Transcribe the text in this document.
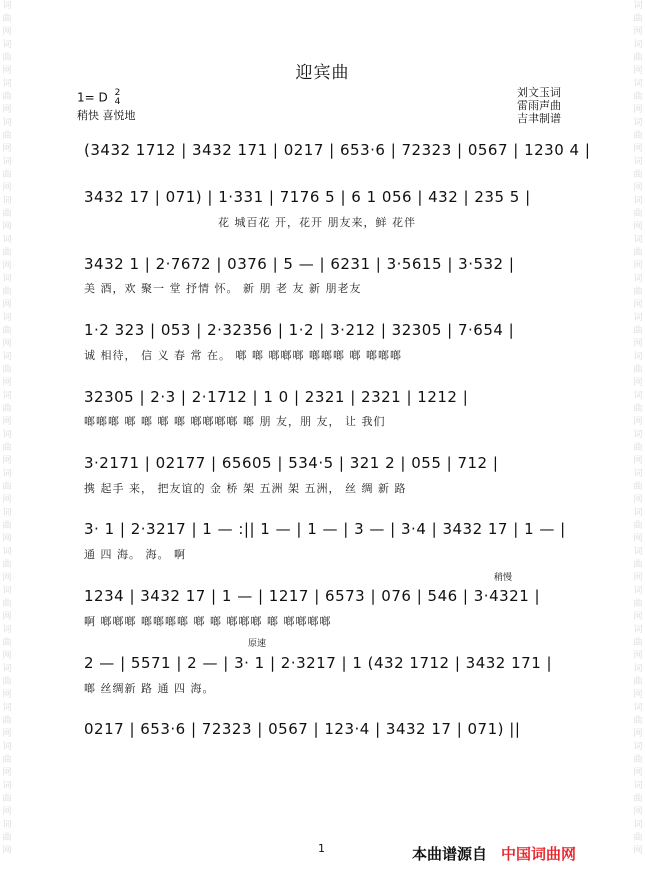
词
曲
网
词
曲
网
词
曲
网
词
曲
网
词
曲
网
词
曲
网
词
曲
网
词
曲
网
词
曲
网
词
曲
网
词
曲
网
词
曲
网
词
曲
网
词
曲
网
词
曲
网
词
曲
网
词
曲
网
词
曲
网
词
曲
网
词
曲
网
词
曲
网
词
曲
网
词
曲
网
词
曲
网
词
曲
网
词
曲
网
词
曲
网
词
曲
网
词
曲
网
词
曲
网
词
曲
网
词
曲
网
词
曲
网
词
曲
网
词
曲
网
词
曲
网
词
曲
网
词
曲
网
词
曲
网
词
曲
网
词
曲
网
词
曲
网
词
曲
网
词
曲
网
迎宾曲
1= D 2
4
稍快 喜悦地
刘文玉词
雷雨声曲
吉聿制谱
稍慢
原速
(3432 1712 | 3432 171 | 0217 | 653·6 | 72323 | 0567 | 1230 4 |
3432 17 | 071) | 1·331 | 7176 5 | 6 1 056 | 432 | 235 5 |
花 城百花 开，花开 朋友来，鲜 花伴
3432 1 | 2·7672 | 0376 | 5 — | 6231 | 3·5615 | 3·532 |
美 酒，欢 聚一 堂 抒情 怀。 新 朋 老 友 新 朋老友
1·2 323 | 053 | 2·32356 | 1·2 | 3·212 | 32305 | 7·654 |
诚 相待， 信 义 春 常 在。 啷 啷 啷啷啷 啷啷啷 啷 啷啷啷
32305 | 2·3 | 2·1712 | 1 0 | 2321 | 2321 | 1212 |
啷啷啷 啷 啷 啷 啷 啷啷啷啷 啷 朋 友，朋 友， 让 我们
3·2171 | 02177 | 65605 | 534·5 | 321 2 | 055 | 712 |
携 起手 来， 把友谊的 金 桥 架 五洲 架 五洲， 丝 绸 新 路
3· 1 | 2·3217 | 1 — :|| 1 — | 1 — | 3 — | 3·4 | 3432 17 | 1 — |
通 四 海。 海。 啊
1234 | 3432 17 | 1 — | 1217 | 6573 | 076 | 546 | 3·4321 |
啊 啷啷啷 啷啷啷啷 啷 啷 啷啷啷 啷 啷啷啷啷
2 — | 5571 | 2 — | 3· 1 | 2·3217 | 1 (432 1712 | 3432 171 |
啷 丝绸新 路 通 四 海。
0217 | 653·6 | 72323 | 0567 | 123·4 | 3432 17 | 071) ||
1	本曲谱源自 中国词曲网
